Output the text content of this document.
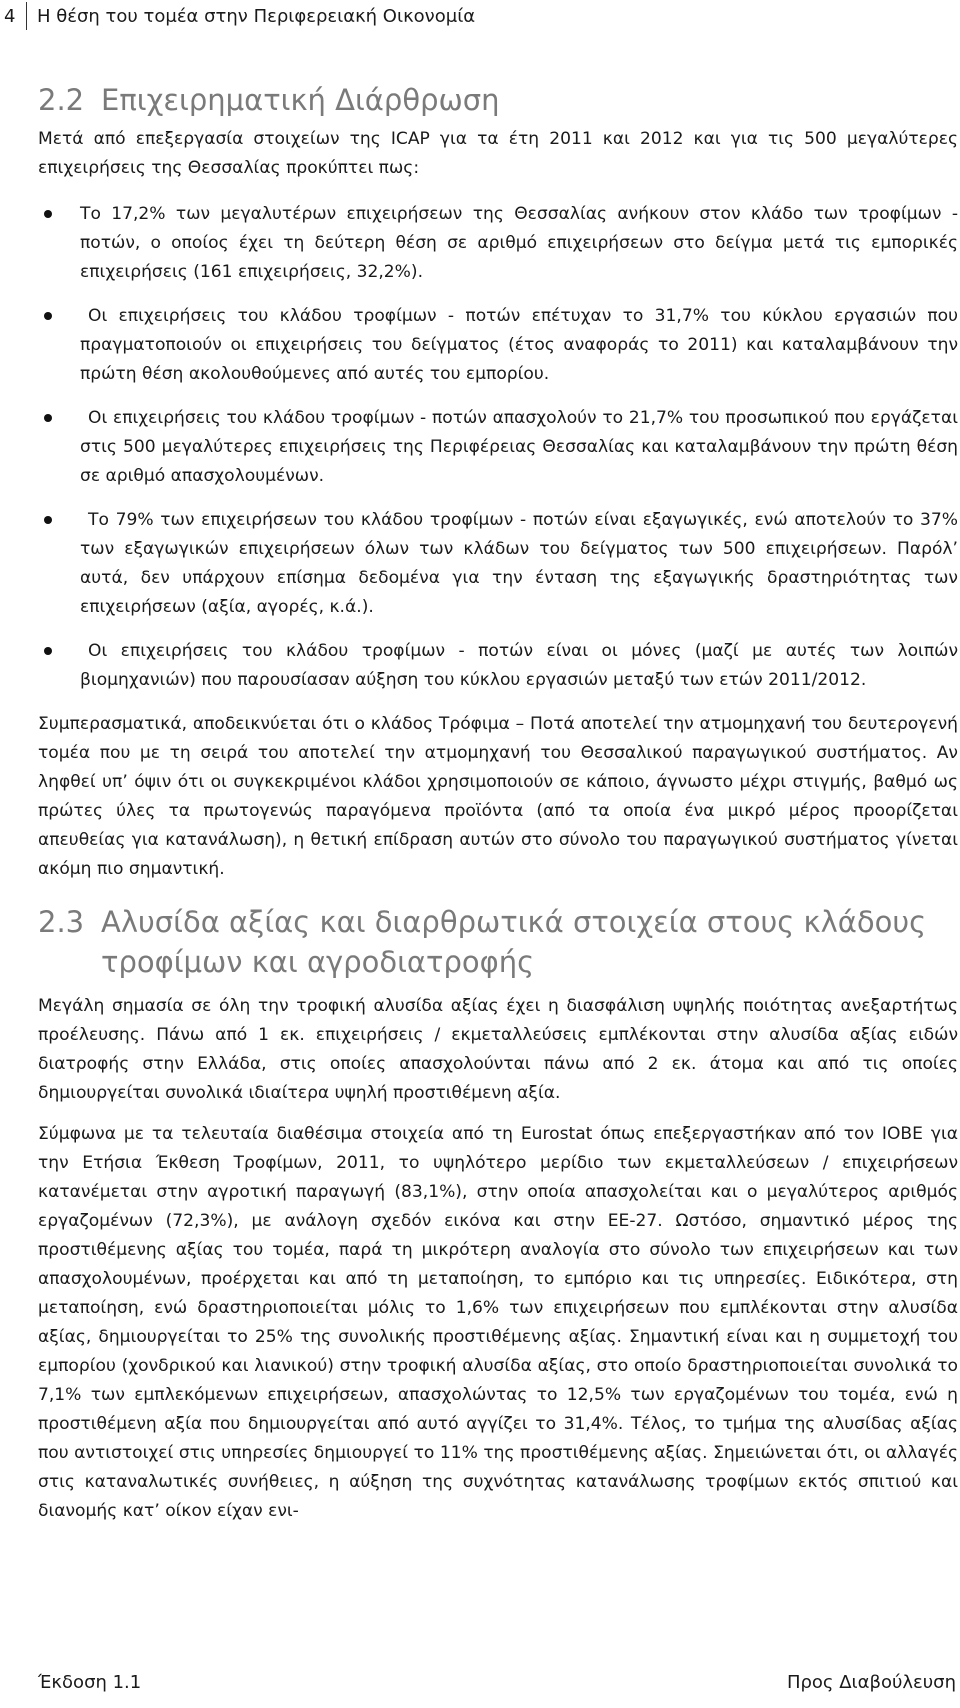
4	Η θέση του τομέα στην Περιφερειακή Οικονομία
2.2 Επιχειρηματική Διάρθρωση

Μετά από επεξεργασία στοιχείων της ICAP για τα έτη 2011 και 2012 και για τις 500 μεγαλύτερες επιχειρήσεις της Θεσσαλίας προκύπτει πως:

Το 17,2% των μεγαλυτέρων επιχειρήσεων της Θεσσαλίας ανήκουν στον κλάδο των τροφίμων - ποτών, ο οποίος έχει τη δεύτερη θέση σε αριθμό επιχειρήσεων στο δείγμα μετά τις εμπορικές επιχειρήσεις (161 επιχειρήσεις, 32,2%).
Οι επιχειρήσεις του κλάδου τροφίμων - ποτών επέτυχαν το 31,7% του κύκλου εργασιών που πραγματοποιούν οι επιχειρήσεις του δείγματος (έτος αναφοράς το 2011) και καταλαμβάνουν την πρώτη θέση ακολουθούμενες από αυτές του εμπορίου.
Οι επιχειρήσεις του κλάδου τροφίμων - ποτών απασχολούν το 21,7% του προσωπικού που εργάζεται στις 500 μεγαλύτερες επιχειρήσεις της Περιφέρειας Θεσσαλίας και καταλαμβάνουν την πρώτη θέση σε αριθμό απασχολουμένων.
Το 79% των επιχειρήσεων του κλάδου τροφίμων - ποτών είναι εξαγωγικές, ενώ αποτελούν το 37% των εξαγωγικών επιχειρήσεων όλων των κλάδων του δείγματος των 500 επιχειρήσεων. Παρόλ’ αυτά, δεν υπάρχουν επίσημα δεδομένα για την ένταση της εξαγωγικής δραστηριότητας των επιχειρήσεων (αξία, αγορές, κ.ά.).
Οι επιχειρήσεις του κλάδου τροφίμων - ποτών είναι οι μόνες (μαζί με αυτές των λοιπών βιομηχανιών) που παρουσίασαν αύξηση του κύκλου εργασιών μεταξύ των ετών 2011/2012.

Συμπερασματικά, αποδεικνύεται ότι ο κλάδος Τρόφιμα – Ποτά αποτελεί την ατμομηχανή του δευτερογενή τομέα που με τη σειρά του αποτελεί την ατμομηχανή του Θεσσαλικού παραγωγικού συστήματος. Αν ληφθεί υπ’ όψιν ότι οι συγκεκριμένοι κλάδοι χρησιμοποιούν σε κάποιο, άγνωστο μέχρι στιγμής, βαθμό ως πρώτες ύλες τα πρωτογενώς παραγόμενα προϊόντα (από τα οποία ένα μικρό μέρος προορίζεται απευθείας για κατανάλωση), η θετική επίδραση αυτών στο σύνολο του παραγωγικού συστήματος γίνεται ακόμη πιο σημαντική.

2.3 Αλυσίδα αξίας και διαρθρωτικά στοιχεία στους κλάδους τροφίμων και αγροδιατροφής

Μεγάλη σημασία σε όλη την τροφική αλυσίδα αξίας έχει η διασφάλιση υψηλής ποιότητας ανεξαρτήτως προέλευσης. Πάνω από 1 εκ. επιχειρήσεις / εκμεταλλεύσεις εμπλέκονται στην αλυσίδα αξίας ειδών διατροφής στην Ελλάδα, στις οποίες απασχολούνται πάνω από 2 εκ. άτομα και από τις οποίες δημιουργείται συνολικά ιδιαίτερα υψηλή προστιθέμενη αξία.

Σύμφωνα με τα τελευταία διαθέσιμα στοιχεία από τη Eurostat όπως επεξεργαστήκαν από τον ΙΟΒΕ για την Ετήσια Έκθεση Τροφίμων, 2011, το υψηλότερο μερίδιο των εκμεταλλεύσεων / επιχειρήσεων κατανέμεται στην αγροτική παραγωγή (83,1%), στην οποία απασχολείται και ο μεγαλύτερος αριθμός εργαζομένων (72,3%), με ανάλογη σχεδόν εικόνα και στην ΕΕ-27. Ωστόσο, σημαντικό μέρος της προστιθέμενης αξίας του τομέα, παρά τη μικρότερη αναλογία στο σύνολο των επιχειρήσεων και των απασχολουμένων, προέρχεται και από τη μεταποίηση, το εμπόριο και τις υπηρεσίες. Ειδικότερα, στη μεταποίηση, ενώ δραστηριοποιείται μόλις το 1,6% των επιχειρήσεων που εμπλέκονται στην αλυσίδα αξίας, δημιουργείται το 25% της συνολικής προστιθέμενης αξίας. Σημαντική είναι και η συμμετοχή του εμπορίου (χονδρικού και λιανικού) στην τροφική αλυσίδα αξίας, στο οποίο δραστηριοποιείται συνολικά το 7,1% των εμπλεκόμενων επιχειρήσεων, απασχολώντας το 12,5% των εργαζομένων του τομέα, ενώ η προστιθέμενη αξία που δημιουργείται από αυτό αγγίζει το 31,4%. Τέλος, το τμήμα της αλυσίδας αξίας που αντιστοιχεί στις υπηρεσίες δημιουργεί το 11% της προστιθέμενης αξίας. Σημειώνεται ότι, οι αλλαγές στις καταναλωτικές συνήθειες, η αύξηση της συχνότητας κατανάλωσης τροφίμων εκτός σπιτιού και διανομής κατ’ οίκον είχαν ενι-

Έκδοση 1.1	Προς Διαβούλευση
